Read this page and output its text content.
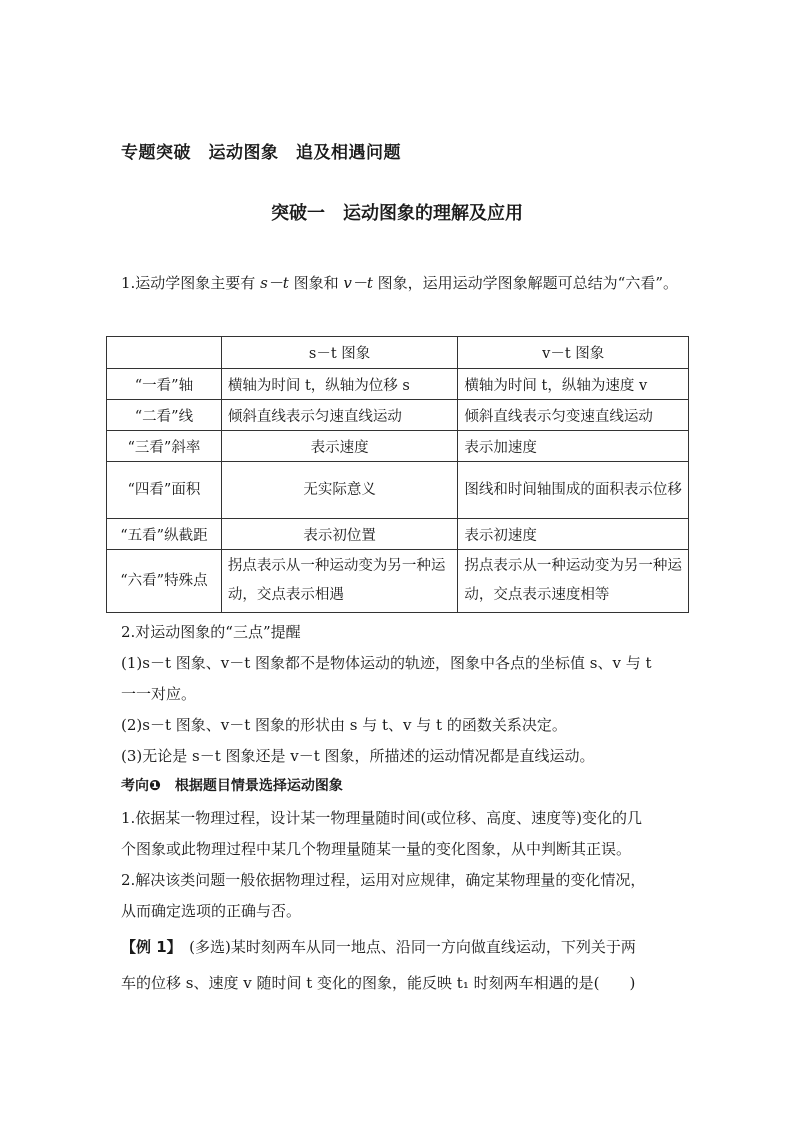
专题突破　运动图象　追及相遇问题
突破一　运动图象的理解及应用
1.运动学图象主要有 s－t 图象和 v－t 图象，运用运动学图象解题可总结为“六看”。
	s－t 图象	v－t 图象
“一看”轴	横轴为时间 t，纵轴为位移 s	横轴为时间 t，纵轴为速度 v
“二看”线	倾斜直线表示匀速直线运动	倾斜直线表示匀变速直线运动
“三看”斜率	表示速度	表示加速度
“四看”面积	无实际意义	图线和时间轴围成的面积表示位移
“五看”纵截距	表示初位置	表示初速度
“六看”特殊点	拐点表示从一种运动变为另一种运动，交点表示相遇	拐点表示从一种运动变为另一种运动，交点表示速度相等
2.对运动图象的“三点”提醒
(1)s－t 图象、v－t 图象都不是物体运动的轨迹，图象中各点的坐标值 s、v 与 t
一一对应。
(2)s－t 图象、v－t 图象的形状由 s 与 t、v 与 t 的函数关系决定。
(3)无论是 s－t 图象还是 v－t 图象，所描述的运动情况都是直线运动。
考向❶　根据题目情景选择运动图象
1.依据某一物理过程，设计某一物理量随时间(或位移、高度、速度等)变化的几
个图象或此物理过程中某几个物理量随某一量的变化图象，从中判断其正误。
2.解决该类问题一般依据物理过程，运用对应规律，确定某物理量的变化情况，
从而确定选项的正确与否。
【例 1】　(多选)某时刻两车从同一地点、沿同一方向做直线运动，下列关于两
车的位移 s、速度 v 随时间 t 变化的图象，能反映 t₁ 时刻两车相遇的是(　　)
